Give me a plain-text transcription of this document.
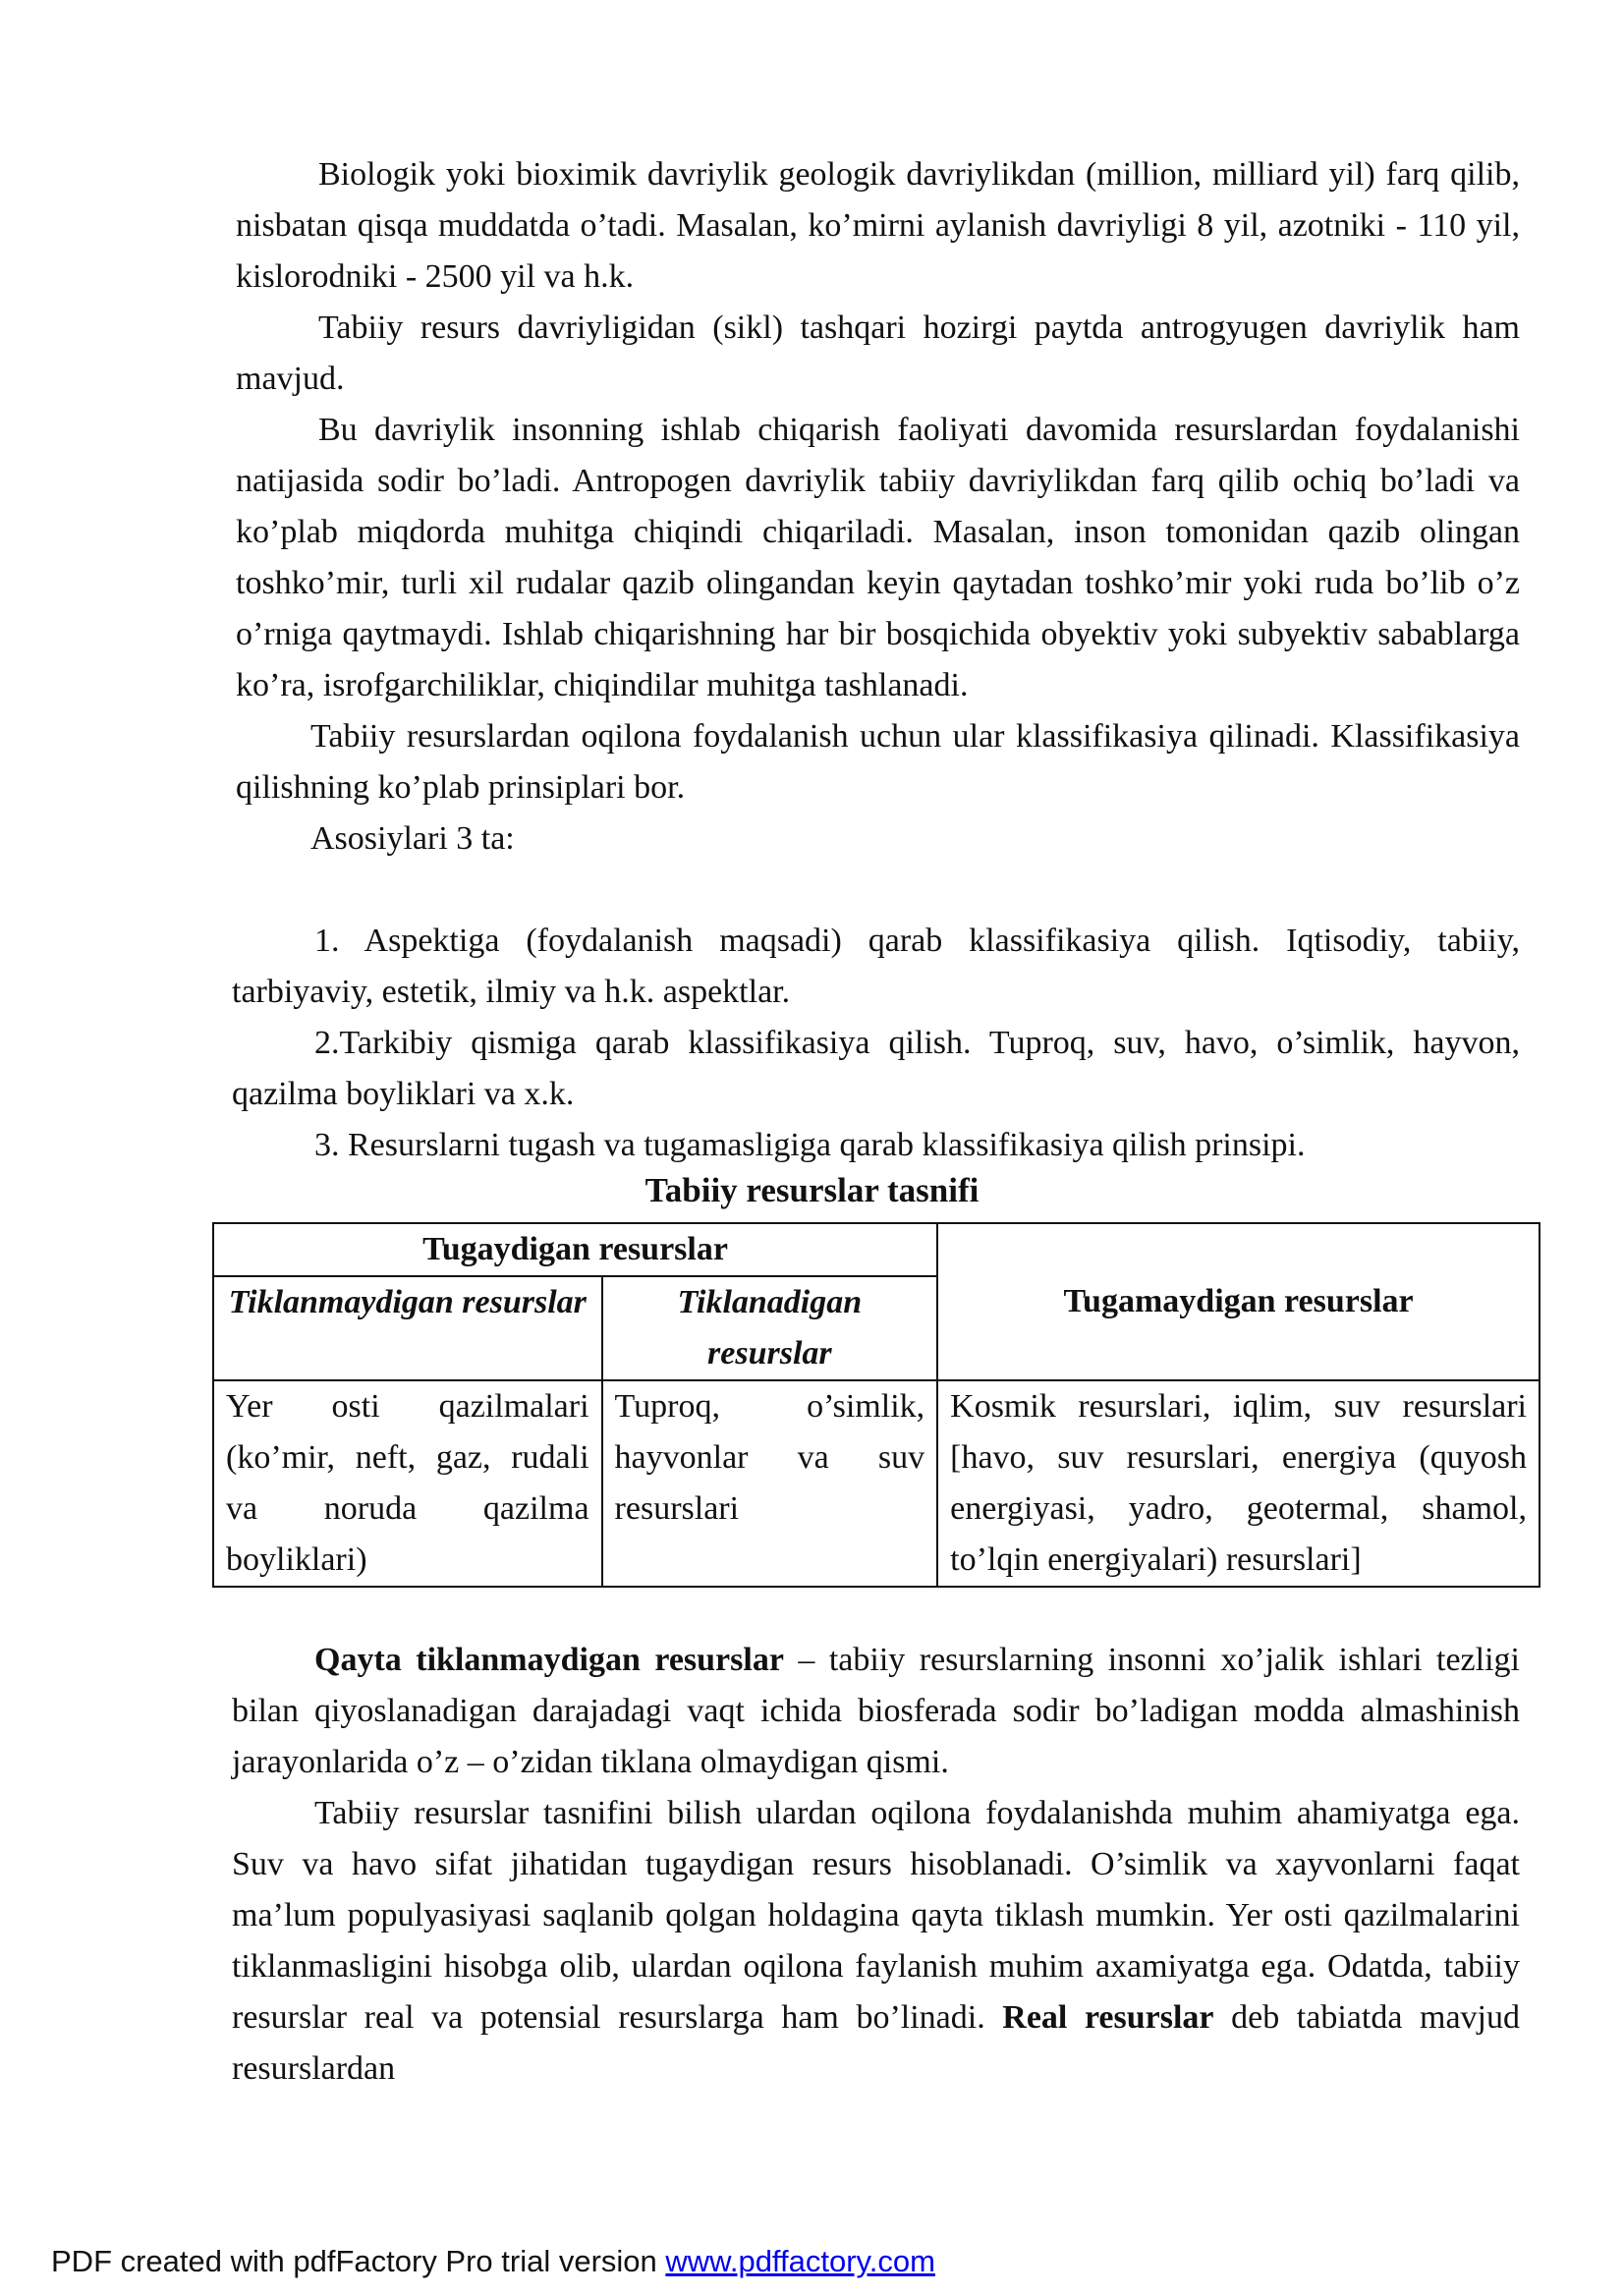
Biologik yoki bioximik davriylik geologik davriylikdan (million, milliard yil) farq qilib, nisbatan qisqa muddatda o’tadi. Masalan, ko’mirni aylanish davriyligi 8 yil, azotniki - 110 yil, kislorodniki - 2500 yil va h.k.

Tabiiy resurs davriyligidan (sikl) tashqari hozirgi paytda antrogyugen davriylik ham mavjud.

Bu davriylik insonning ishlab chiqarish faoliyati davomida resurslardan foydalanishi natijasida sodir bo’ladi. Antropogen davriylik tabiiy davriylikdan farq qilib ochiq bo’ladi va ko’plab miqdorda muhitga chiqindi chiqariladi. Masalan, inson tomonidan qazib olingan toshko’mir, turli xil rudalar qazib olingandan keyin qaytadan toshko’mir yoki ruda bo’lib o’z o’rniga qaytmaydi. Ishlab chiqarishning har bir bosqichida obyektiv yoki subyektiv sabablarga ko’ra, isrofgarchiliklar, chiqindilar muhitga tashlanadi.

Tabiiy resurslardan oqilona foydalanish uchun ular klassifikasiya qilinadi. Klassifikasiya qilishning ko’plab prinsiplari bor.

Asosiylari 3 ta:

1. Aspektiga (foydalanish maqsadi) qarab klassifikasiya qilish. Iqtisodiy, tabiiy, tarbiyaviy, estetik, ilmiy va h.k. aspektlar.

2.Tarkibiy qismiga qarab klassifikasiya qilish. Tuproq, suv, havo, o’simlik, hayvon, qazilma boyliklari va x.k.

3. Resurslarni tugash va tugamasligiga qarab klassifikasiya qilish prinsipi.

Tabiiy resurslar tasnifi
Tugaydigan resurslar		Tugamaydigan resurslar
Tiklanmaydigan resurslar	Tiklanadigan resurslar	
Yer osti qazilmalari (ko’mir, neft, gaz, rudali va noruda qazilma boyliklari)	Tuproq, o’simlik, hayvonlar va suv resurslari	Kosmik resurslari, iqlim, suv resurslari [havo, suv resurslari, energiya (quyosh energiyasi, yadro, geotermal, shamol, to’lqin energiyalari) resurslari]

Qayta tiklanmaydigan resurslar – tabiiy resurslarning insonni xo’jalik ishlari tezligi bilan qiyoslanadigan darajadagi vaqt ichida biosferada sodir bo’ladigan modda almashinish jarayonlarida o’z – o’zidan tiklana olmaydigan qismi.

Tabiiy resurslar tasnifini bilish ulardan oqilona foydalanishda muhim ahamiyatga ega. Suv va havo sifat jihatidan tugaydigan resurs hisoblanadi. O’simlik va xayvonlarni faqat ma’lum populyasiyasi saqlanib qolgan holdagina qayta tiklash mumkin. Yer osti qazilmalarini tiklanmasligini hisobga olib, ulardan oqilona faylanish muhim axamiyatga ega. Odatda, tabiiy resurslar real va potensial resurslarga ham bo’linadi. Real resurslar deb tabiatda mavjud resurslardan

PDF created with pdfFactory Pro trial version www.pdffactory.com
